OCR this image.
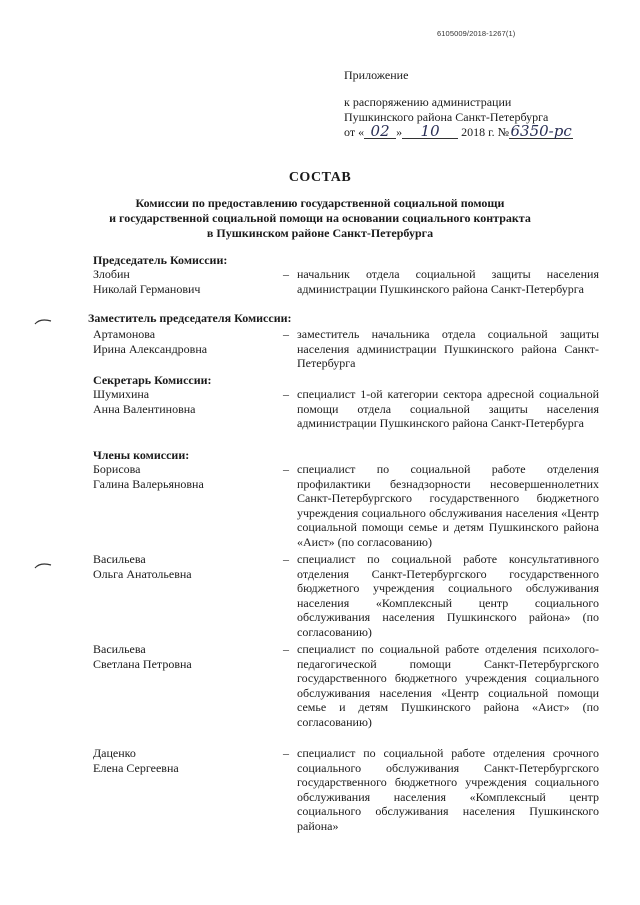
6105009/2018-1267(1)
Приложение
к распоряжению администрации
Пушкинского района Санкт-Петербурга
от « 02 » 10 2018 г. №6350-рс
СОСТАВ
Комиссии по предоставлению государственной социальной помощи
и государственной социальной помощи на основании социального контракта
в Пушкинском районе Санкт-Петербурга
Председатель Комиссии:
Злобин
Николай Германович
– начальник отдела социальной защиты населения администрации Пушкинского района Санкт-Петербурга
Заместитель председателя Комиссии:
Артамонова
Ирина Александровна
– заместитель начальника отдела социальной защиты населения администрации Пушкинского района Санкт-Петербурга
Секретарь Комиссии:
Шумихина
Анна Валентиновна
– специалист 1-ой категории сектора адресной социальной помощи отдела социальной защиты населения администрации Пушкинского района Санкт-Петербурга
Члены комиссии:
Борисова
Галина Валерьяновна
– специалист по социальной работе отделения профилактики безнадзорности несовершеннолетних Санкт-Петербургского государственного бюджетного учреждения социального обслуживания населения «Центр социальной помощи семье и детям Пушкинского района «Аист» (по согласованию)
Васильева
Ольга Анатольевна
– специалист по социальной работе консультативного отделения Санкт-Петербургского государственного бюджетного учреждения социального обслуживания населения «Комплексный центр социального обслуживания населения Пушкинского района» (по согласованию)
Васильева
Светлана Петровна
– специалист по социальной работе отделения психолого-педагогической помощи Санкт-Петербургского государственного бюджетного учреждения социального обслуживания населения «Центр социальной помощи семье и детям Пушкинского района «Аист» (по согласованию)
Даценко
Елена Сергеевна
– специалист по социальной работе отделения срочного социального обслуживания Санкт-Петербургского государственного бюджетного учреждения социального обслуживания населения «Комплексный центр социального обслуживания населения Пушкинского района»
